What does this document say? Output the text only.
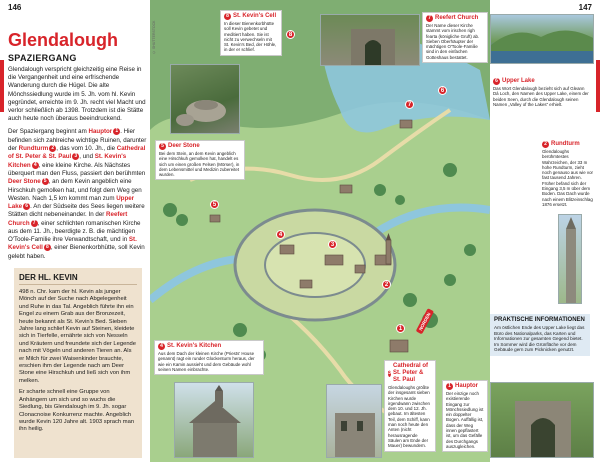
146	147
Glendalough
SPAZIERGANG

Glendalough verspricht gleichzeitig eine Reise in die Vergangenheit und eine erfrischende Wanderung durch die Hügel. Die alte Mönchssiedlung wurde im 5. Jh. vom hl. Kevin gegründet, erreichte im 9. Jh. recht viel Macht und verlor schließlich ab 1398. Trotzdem ist die Stätte auch heute noch überaus beeindruckend.

Der Spaziergang beginnt am Hauptor 1 . Hier befinden sich zahlreiche wichtige Ruinen, darunter der Rundturm 2 , das vom 10. Jh., die Cathedral of St. Peter & St. Paul 3 , und St. Kevin's Kitchen 4 , eine kleine Kirche. Als Nächstes überquert man den Fluss, passiert den berühmten Deer Stone 5 , an dem Kevin angeblich eine Hirschkuh gemolken hat, und folgt dem Weg gen Westen. Nach 1,5 km kommt man zum Upper Lake 6 . An der Südseite des Sees liegen weitere Stätten dicht nebeneinander. In der Reefert Church 7 , einer schlichten romanischen Kirche aus dem 11. Jh., beerdigte z. B. die mächtigen O'Toole-Familie ihre Verwandtschaft, und in St. Kevin's Cell 8 , einer Bienenkorbhütte, soll Kevin gelebt haben.

DER HL. KEVIN

498 n. Chr. kam der hl. Kevin als junger Mönch auf der Suche nach Abgelegenheit und Ruhe in das Tal. Angeblich führte ihn ein Engel zu einem Grab aus der Bronzezeit, heute bekannt als St. Kevin's Bed. Sieben Jahre lang schlief Kevin auf Steinen, kleidete sich in Tierfelle, ernährte sich von Nesseln und Kräutern und freundete sich der Legende nach mit Vögeln und anderen Tieren an. Als er Milch für zwei Waisenkinder brauchte, erschien ihm der Legende nach am Deer Stone eine Hirschkuh und ließ sich von ihm melken.

Er scharte schnell eine Gruppe von Anhängern um sich und so wuchs die Siedlung, bis Glendalough im 9. Jh. sogar Clonacnoise Konkurrenz machte. Angeblich wurde Kevin 120 Jahre alt. 1903 sprach man ihn heilig.

8 St. Kevin's Cell
In dieser Bienenkorbhütte soll Kevin gebetet und meditiert haben. Sie ist nicht zu verwechseln mit St. Kevin's Bed, der Höhle, in der er schlief.
5 Deer Stone
Bei dem Stein, an dem Kevin angeblich eine Hirschkuh gemolken hat, handelt es sich um einen großen Felsen (Mörser), in dem Lebensmittel und Medizin zubereitet wurden.
7 Reefert Church
Der Name dieser Kirche stammt vom irischen righ fearta (königliche Gruft) ab. Sieben Oberhäupter der mächtigen O'Toole-Familie sind in den einfachen Gotteshaus bestattet.
4 St. Kevin's Kitchen
Aus dem Dach der kleinen Kirche (Priests' House genannt) ragt ein runder Glockenturm heraus, der wie ein Kamin aussieht und dem Gebäude wohl seinen Namen einbrachte.
3
Cathedral of St. Peter & St. Paul
Glendaloughs größte der insgesamt sieben Kirchen wurde irgendwann zwischen dem 10. und 12. Jh. gebaut. Im ältesten Teil, dem Schiff, kann man noch heute den Anten (nicht herausragende Säulen am Ende der Mauer) bewundern.
1 Hauptor
Der einzige noch existierende Eingang zur Mönchssiedlung ist ein doppelter Bogen. Auffällig ist, dass der Weg innen gepflastert ist, um das Gefälle des Durchgangs auszugleichen.
8
7
6
5
4
3
2
1	NORDEN
© SHUTTERSTOCK
6 Upper Lake
Das Wort Glendalough bezieht sich auf Gleann Dá Loch, den Namen des Upper Lake, einem der beiden Seen, durch die Glendalough seinen Namen „Valley of the Lakes“ erhielt.
2 Rundturm
Glendaloughs berühmtestes Wahrzeichen, der 33 m hohe Rundturm, zieht noch genauso aus wie vor fast tausend Jahren. Früher befand sich der Eingang 3,5 m über dem Boden. Das Dach wurde nach einem Blitzeinschlag 1876 ersetzt.
PRAKTISCHE INFORMATIONEN
Am östlichen Ende des Upper Lake liegt das Büro des Nationalparks, das Karten und Informationen zur gesamten Gegend bietet. Im Sommer wird die Grünfläche vor dem Gebäude gern zum Picknicken genutzt.
